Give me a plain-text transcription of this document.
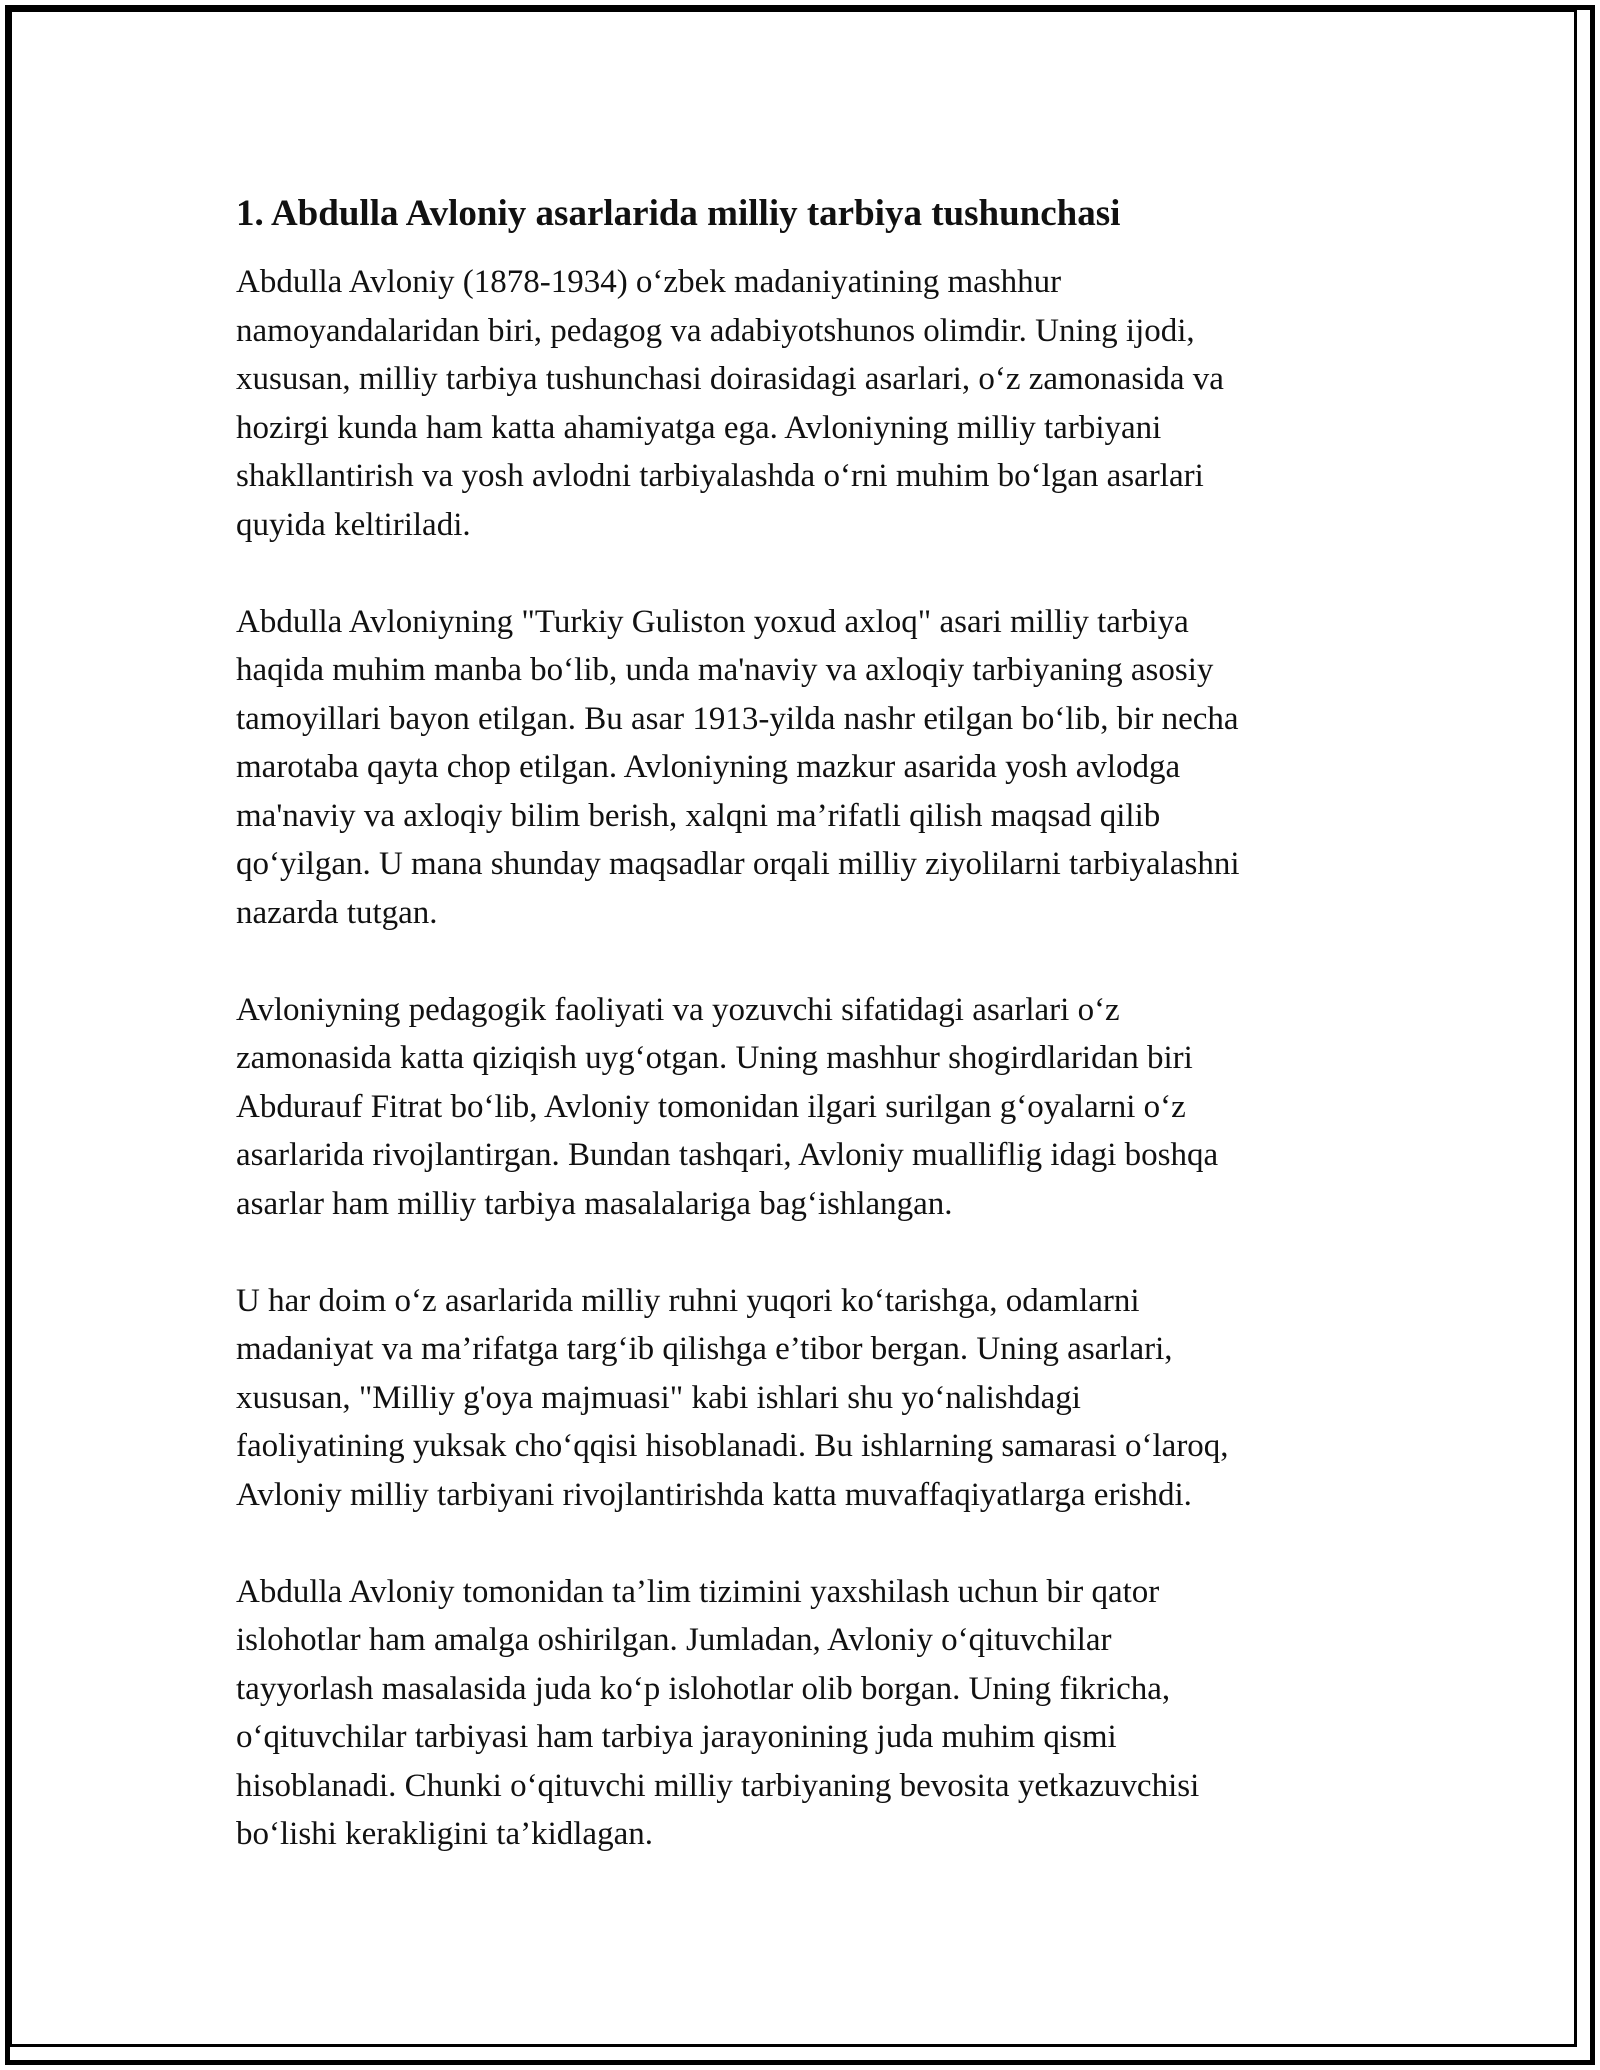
1. Abdulla Avloniy asarlarida milliy tarbiya tushunchasi

Abdulla Avloniy (1878-1934) o‘zbek madaniyatining mashhur
namoyandalaridan biri, pedagog va adabiyotshunos olimdir. Uning ijodi,
xususan, milliy tarbiya tushunchasi doirasidagi asarlari, o‘z zamonasida va
hozirgi kunda ham katta ahamiyatga ega. Avloniyning milliy tarbiyani
shakllantirish va yosh avlodni tarbiyalashda o‘rni muhim bo‘lgan asarlari
quyida keltiriladi.

Abdulla Avloniyning "Turkiy Guliston yoxud axloq" asari milliy tarbiya
haqida muhim manba bo‘lib, unda ma'naviy va axloqiy tarbiyaning asosiy
tamoyillari bayon etilgan. Bu asar 1913-yilda nashr etilgan bo‘lib, bir necha
marotaba qayta chop etilgan. Avloniyning mazkur asarida yosh avlodga
ma'naviy va axloqiy bilim berish, xalqni ma’rifatli qilish maqsad qilib
qo‘yilgan. U mana shunday maqsadlar orqali milliy ziyolilarni tarbiyalashni
nazarda tutgan.

Avloniyning pedagogik faoliyati va yozuvchi sifatidagi asarlari o‘z
zamonasida katta qiziqish uyg‘otgan. Uning mashhur shogirdlaridan biri
Abdurauf Fitrat bo‘lib, Avloniy tomonidan ilgari surilgan g‘oyalarni o‘z
asarlarida rivojlantirgan. Bundan tashqari, Avloniy mualliflig idagi boshqa
asarlar ham milliy tarbiya masalalariga bag‘ishlangan.

U har doim o‘z asarlarida milliy ruhni yuqori ko‘tarishga, odamlarni
madaniyat va ma’rifatga targ‘ib qilishga e’tibor bergan. Uning asarlari,
xususan, "Milliy g'oya majmuasi" kabi ishlari shu yo‘nalishdagi
faoliyatining yuksak cho‘qqisi hisoblanadi. Bu ishlarning samarasi o‘laroq,
Avloniy milliy tarbiyani rivojlantirishda katta muvaffaqiyatlarga erishdi.

Abdulla Avloniy tomonidan ta’lim tizimini yaxshilash uchun bir qator
islohotlar ham amalga oshirilgan. Jumladan, Avloniy o‘qituvchilar
tayyorlash masalasida juda ko‘p islohotlar olib borgan. Uning fikricha,
o‘qituvchilar tarbiyasi ham tarbiya jarayonining juda muhim qismi
hisoblanadi. Chunki o‘qituvchi milliy tarbiyaning bevosita yetkazuvchisi
bo‘lishi kerakligini ta’kidlagan.
